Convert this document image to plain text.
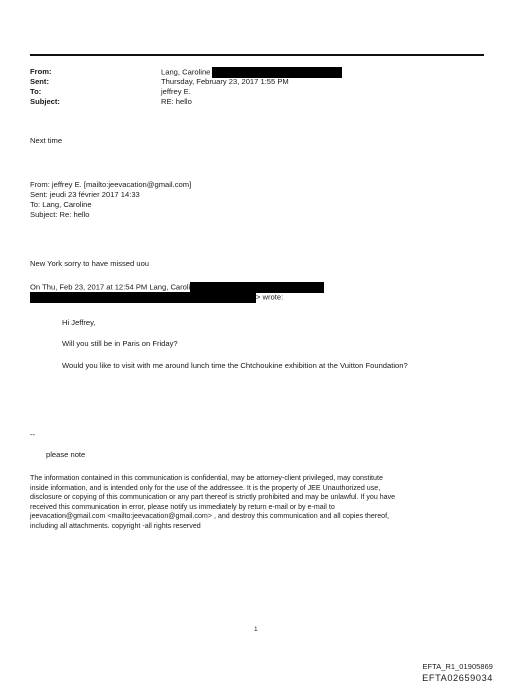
From:	Lang, Caroline
Sent:	Thursday, February 23, 2017 1:55 PM
To:	jeffrey E.
Subject:	RE: hello
Next time
From: jeffrey E. [mailto:jeevacation@gmail.com]
Sent: jeudi 23 février 2017 14:33
To: Lang, Caroline
Subject: Re: hello
New York sorry to have missed uou
On Thu, Feb 23, 2017 at 12:54 PM Lang, Caroli
> wrote:
Hi Jeffrey,
Will you still be in Paris on Friday?
Would you like to visit with me around lunch time the Chtchoukine exhibition at the Vuitton Foundation?
--
please note
The information contained in this communication is confidential, may be attorney-client privileged, may constitute
inside information, and is intended only for the use of the addressee. It is the property of JEE Unauthorized use,
disclosure or copying of this communication or any part thereof is strictly prohibited and may be unlawful. If you have
received this communication in error, please notify us immediately by return e-mail or by e-mail to
jeevacation@gmail.com <mailto:jeevacation@gmail.com> , and destroy this communication and all copies thereof,
including all attachments. copyright -all rights reserved
1
EFTA_R1_01905869
EFTA02659034
